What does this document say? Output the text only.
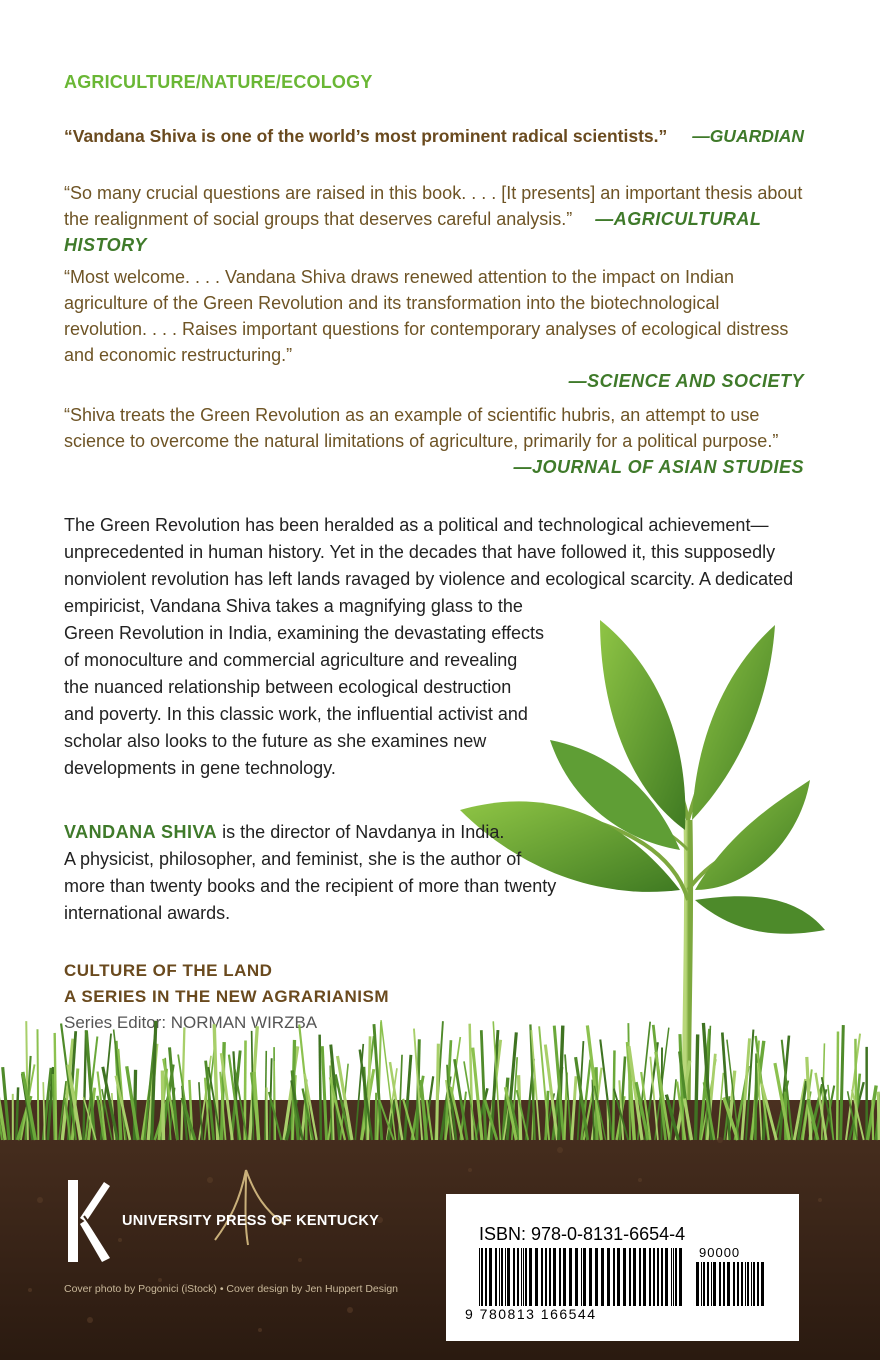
AGRICULTURE/NATURE/ECOLOGY
“Vandana Shiva is one of the world’s most prominent radical scientists.” —GUARDIAN
“So many crucial questions are raised in this book. . . . [It presents] an important thesis about the realignment of social groups that deserves careful analysis.” —AGRICULTURAL HISTORY
“Most welcome. . . . Vandana Shiva draws renewed attention to the impact on Indian agriculture of the Green Revolution and its transformation into the biotechnological revolution. . . . Raises important questions for contemporary analyses of ecological distress and economic restructuring.”
—SCIENCE AND SOCIETY
“Shiva treats the Green Revolution as an example of scientific hubris, an attempt to use science to overcome the natural limitations of agriculture, primarily for a political purpose.”
—JOURNAL OF ASIAN STUDIES

The Green Revolution has been heralded as a political and technological achievement—

unprecedented in human history. Yet in the decades that have followed it, this supposedly

nonviolent revolution has left lands ravaged by violence and ecological scarcity. A dedicated

empiricist, Vandana Shiva takes a magnifying glass to the

Green Revolution in India, examining the devastating effects

of monoculture and commercial agriculture and revealing

the nuanced relationship between ecological destruction

and poverty. In this classic work, the influential activist and

scholar also looks to the future as she examines new

developments in gene technology.

VANDANA SHIVA is the director of Navdanya in India.
A physicist, philosopher, and feminist, she is the author of
more than twenty books and the recipient of more than twenty
international awards.
CULTURE OF THE LAND
A SERIES IN THE NEW AGRARIANISM
Series Editor: NORMAN WIRZBA
UNIVERSITY PRESS OF KENTUCKY
Cover photo by Pogonici (iStock) • Cover design by Jen Huppert Design
ISBN: 978-0-8131-6654-4
90000
9 780813 166544
